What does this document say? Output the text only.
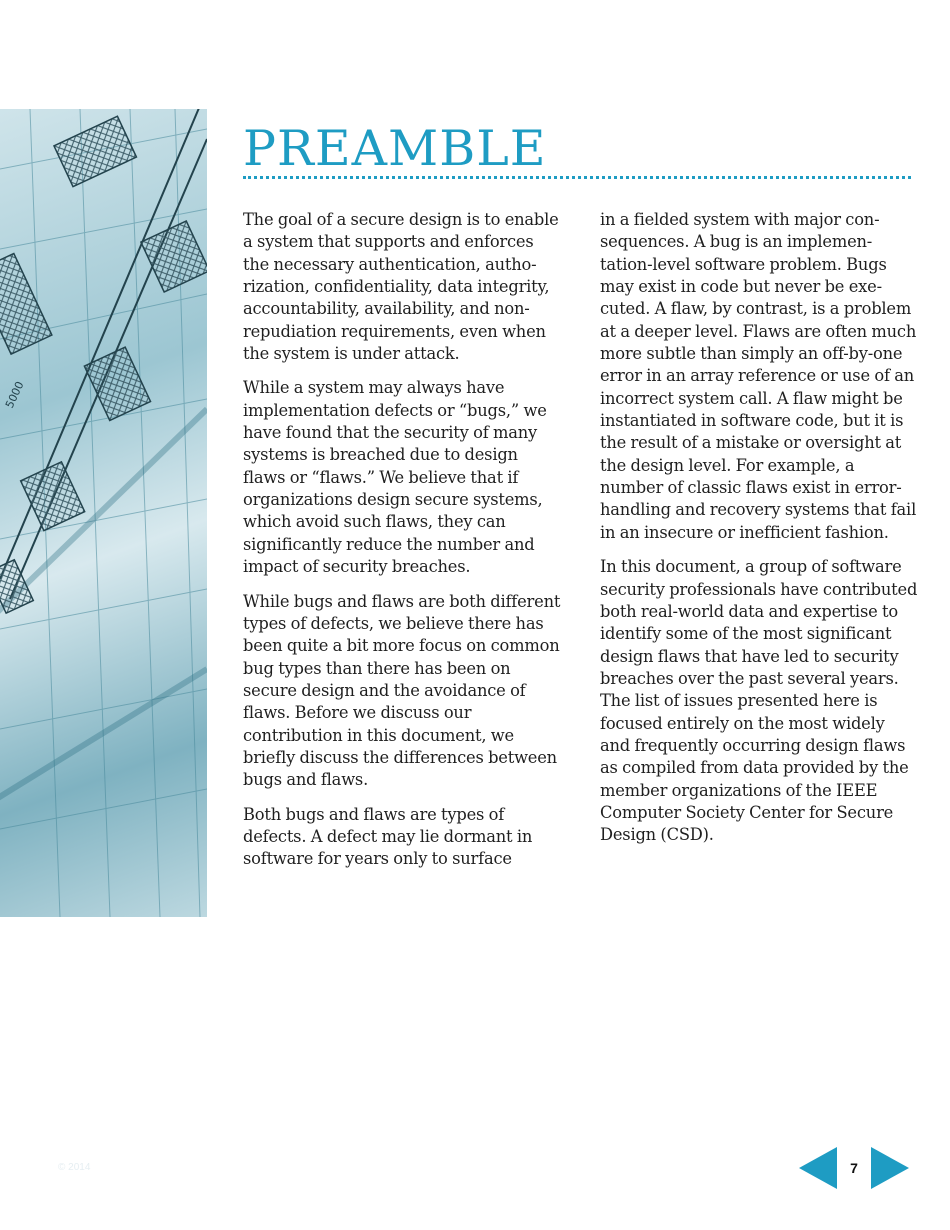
5000
PREAMBLE

The goal of a secure design is to enable a system that supports and enforces the necessary authentication, authorization, confidentiality, data integrity, accountability, availability, and non-repudiation requirements, even when the system is under attack.

While a system may always have implementation defects or “bugs,” we have found that the security of many systems is breached due to design flaws or “flaws.” We believe that if organizations design secure systems, which avoid such flaws, they can significantly reduce the number and impact of security breaches.

While bugs and flaws are both different types of defects, we believe there has been quite a bit more focus on common bug types than there has been on secure design and the avoidance of flaws. Before we discuss our contribution in this document, we briefly discuss the differences between bugs and flaws.

Both bugs and flaws are types of defects. A defect may lie dormant in software for years only to surface

in a fielded system with major consequences. A bug is an implementation-level software problem. Bugs may exist in code but never be executed. A flaw, by contrast, is a problem at a deeper level. Flaws are often much more subtle than simply an off-by-one error in an array reference or use of an incorrect system call. A flaw might be instantiated in software code, but it is the result of a mistake or oversight at the design level. For example, a number of classic flaws exist in error-handling and recovery systems that fail in an insecure or inefficient fashion.

In this document, a group of software security professionals have contributed both real-world data and expertise to identify some of the most significant design flaws that have led to security breaches over the past several years. The list of issues presented here is focused entirely on the most widely and frequently occurring design flaws as compiled from data provided by the member organizations of the IEEE Computer Society Center for Secure Design (CSD).

© 2014	7
